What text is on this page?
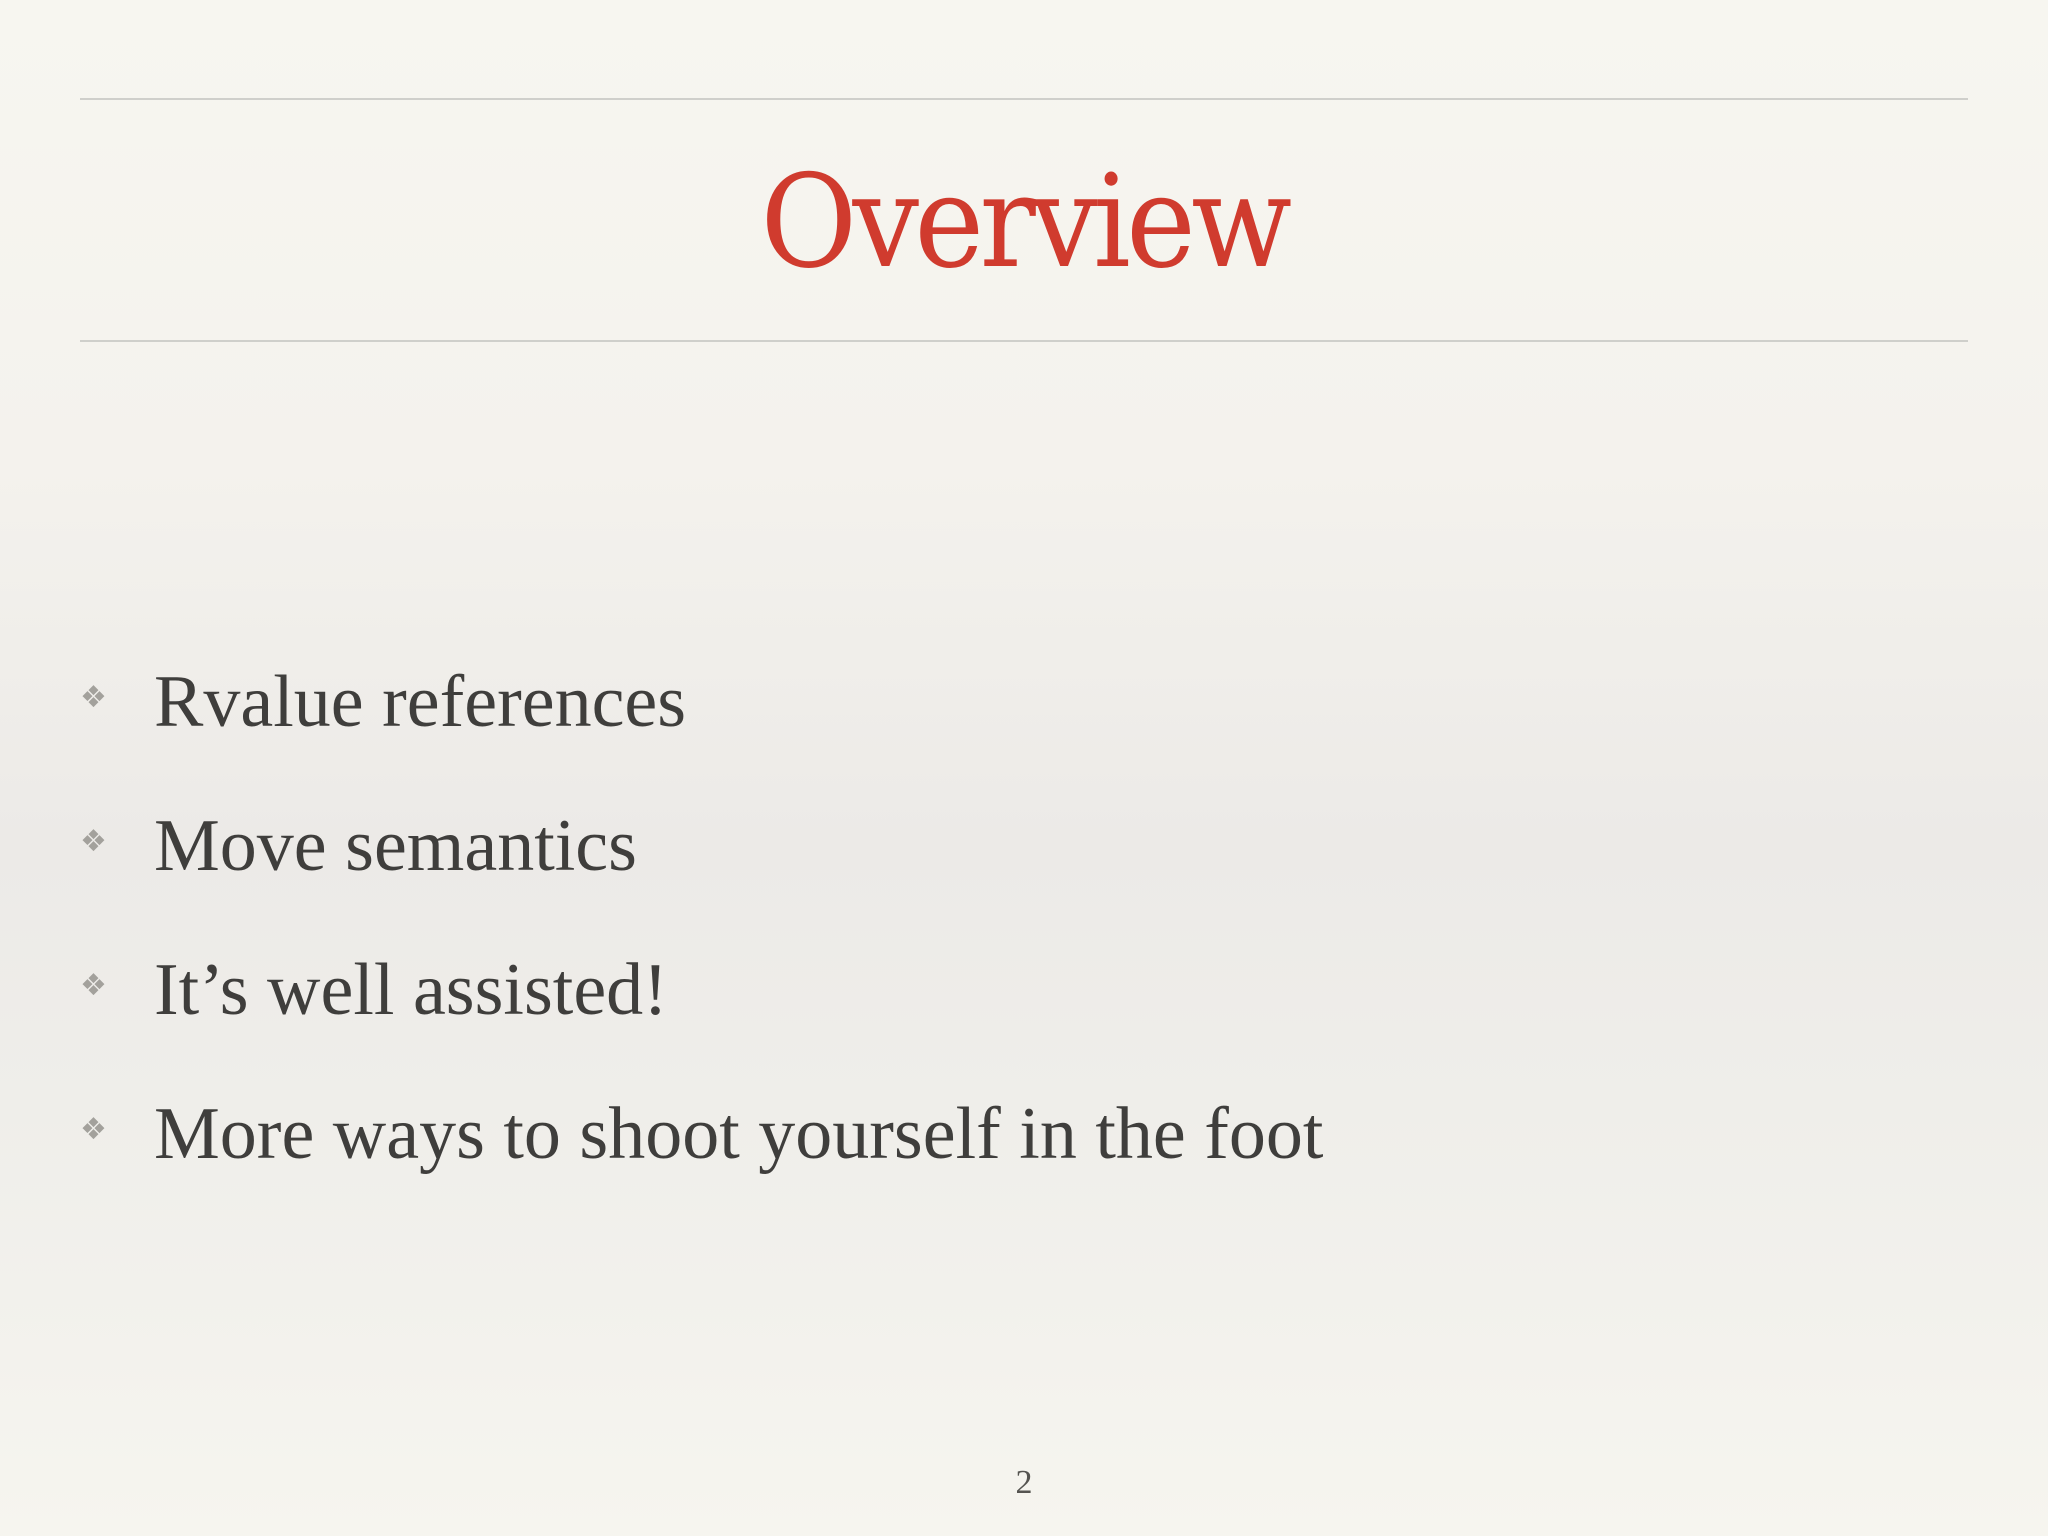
Overview
❖ Rvalue references
❖ Move semantics
❖ It’s well assisted!
❖ More ways to shoot yourself in the foot
2
